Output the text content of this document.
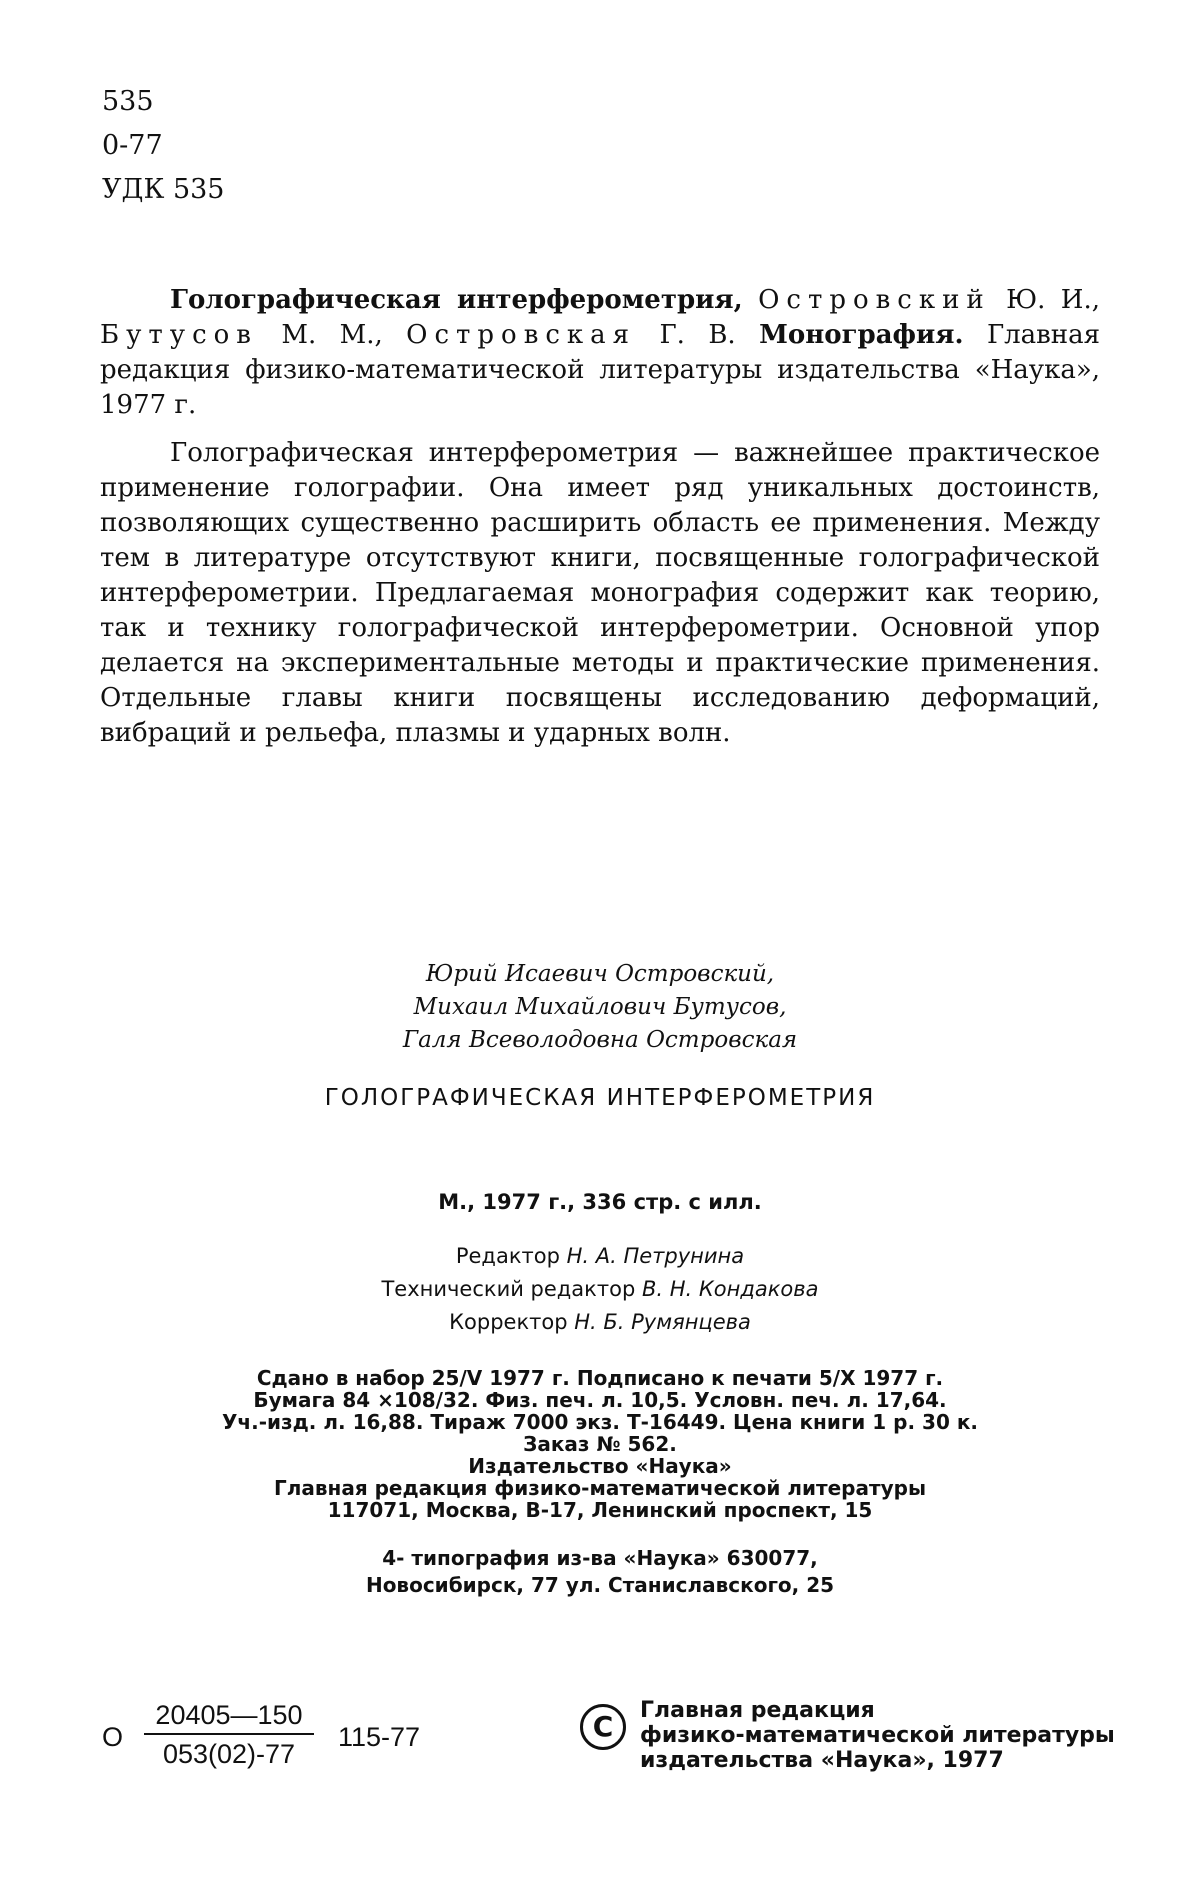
535
0-77
УДК 535
Голографическая интерферометрия, Островский Ю. И., Бутусов М. М., Островская Г. В. Монография. Главная редакция физико-математической литературы издательства «Наука», 1977 г.
Голографическая интерферометрия — важнейшее практическое применение голографии. Она имеет ряд уникальных достоинств, позволяющих существенно расширить область ее применения. Между тем в литературе отсутствуют книги, посвященные голографической интерферометрии. Предлагаемая монография содержит как теорию, так и технику голографической интерферометрии. Основной упор делается на экспериментальные методы и практические применения. Отдельные главы книги посвящены исследованию деформаций, вибраций и рельефа, плазмы и ударных волн.
Юрий Исаевич Островский,
Михаил Михайлович Бутусов,
Галя Всеволодовна Островская
ГОЛОГРАФИЧЕСКАЯ ИНТЕРФЕРОМЕТРИЯ
М., 1977 г., 336 стр. с илл.
Редактор Н. А. Петрунина
Технический редактор В. Н. Кондакова
Корректор Н. Б. Румянцева
Сдано в набор 25/V 1977 г. Подписано к печати 5/X 1977 г.
Бумага 84 ×108/32. Физ. печ. л. 10,5. Условн. печ. л. 17,64.
Уч.-изд. л. 16,88. Тираж 7000 экз. Т-16449. Цена книги 1 р. 30 к.
Заказ № 562.
Издательство «Наука»
Главная редакция физико-математической литературы
117071, Москва, В-17, Ленинский проспект, 15
4- типография из-ва «Наука» 630077,
Новосибирск, 77 ул. Станиславского, 25
О $\frac{20405—150}{053(02)-77} 115-77$	C	Главная редакция
физико-математической литературы
издательства «Наука», 1977
